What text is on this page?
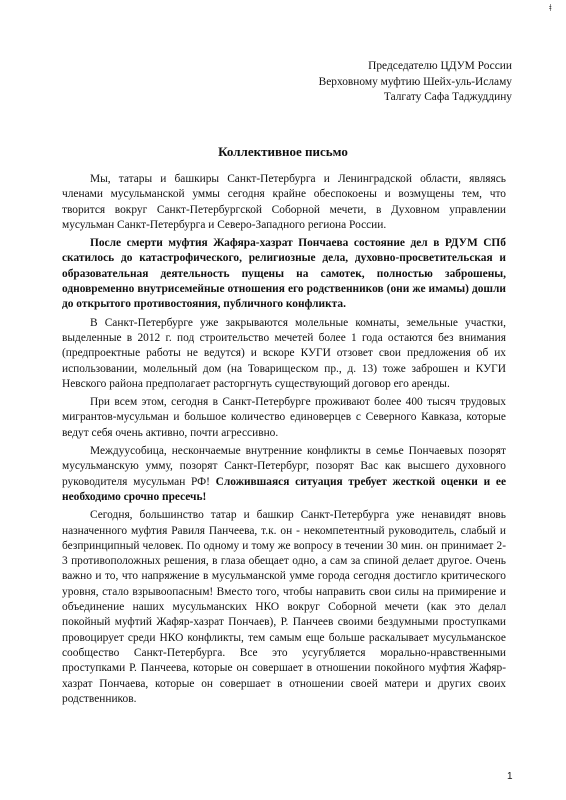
ǂ
Председателю ЦДУМ России
Верховному муфтию Шейх-уль-Исламу
Талгату Сафа Таджуддину
Коллективное письмо

Мы, татары и башкиры Санкт-Петербурга и Ленинградской области, являясь членами мусульманской уммы сегодня крайне обеспокоены и возмущены тем, что творится вокруг Санкт-Петербургской Соборной мечети, в Духовном управлении мусульман Санкт-Петербурга и Северо-Западного региона России.

После смерти муфтия Жафяра-хазрат Пончаева состояние дел в РДУМ СПб скатилось до катастрофического, религиозные дела, духовно-просветительская и образовательная деятельность пущены на самотек, полностью заброшены, одновременно внутрисемейные отношения его родственников (они же имамы) дошли до открытого противостояния, публичного конфликта.

В Санкт-Петербурге уже закрываются молельные комнаты, земельные участки, выделенные в 2012 г. под строительство мечетей более 1 года остаются без внимания (предпроектные работы не ведутся) и вскоре КУГИ отзовет свои предложения об их использовании, молельный дом (на Товарищеском пр., д. 13) тоже заброшен и КУГИ Невского района предполагает расторгнуть существующий договор его аренды.

При всем этом, сегодня в Санкт-Петербурге проживают более 400 тысяч трудовых мигрантов-мусульман и большое количество единоверцев с Северного Кавказа, которые ведут себя очень активно, почти агрессивно.

Междуусобица, нескончаемые внутренние конфликты в семье Пончаевых позорят мусульманскую умму, позорят Санкт-Петербург, позорят Вас как высшего духовного руководителя мусульман РФ! Сложившаяся ситуация требует жесткой оценки и ее необходимо срочно пресечь!

Сегодня, большинство татар и башкир Санкт-Петербурга уже ненавидят вновь назначенного муфтия Равиля Панчеева, т.к. он - некомпетентный руководитель, слабый и безпринципный человек. По одному и тому же вопросу в течении 30 мин. он принимает 2-3 противоположных решения, в глаза обещает одно, а сам за спиной делает другое. Очень важно и то, что напряжение в мусульманской умме города сегодня достигло критического уровня, стало взрывоопасным! Вместо того, чтобы направить свои силы на примирение и объединение наших мусульманских НКО вокруг Соборной мечети (как это делал покойный муфтий Жафяр-хазрат Пончаев), Р. Панчеев своими бездумными проступками провоцирует среди НКО конфликты, тем самым еще больше раскалывает мусульманское сообщество Санкт-Петербурга. Все это усугубляется морально-нравственными проступками Р. Панчеева, которые он совершает в отношении покойного муфтия Жафяр-хазрат Пончаева, которые он совершает в отношении своей матери и других своих родственников.

1
